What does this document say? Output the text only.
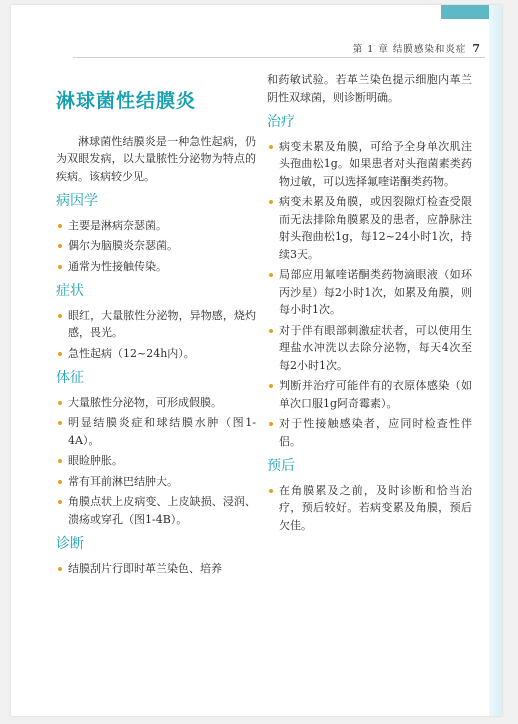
第 1 章 结膜感染和炎症 7
淋球菌性结膜炎

淋球菌性结膜炎是一种急性起病，仍为双眼发病，以大量脓性分泌物为特点的疾病。该病较少见。

病因学
主要是淋病奈瑟菌。
偶尔为脑膜炎奈瑟菌。
通常为性接触传染。
症状
眼红，大量脓性分泌物，异物感，烧灼感，畏光。
急性起病（12~24h内）。
体征
大量脓性分泌物，可形成假膜。
明显结膜炎症和球结膜水肿（图1-4A）。
眼睑肿胀。
常有耳前淋巴结肿大。
角膜点状上皮病变、上皮缺损、浸润、溃疡或穿孔（图1-4B）。
诊断
结膜刮片行即时革兰染色、培养

和药敏试验。若革兰染色提示细胞内革兰阴性双球菌，则诊断明确。

治疗
病变未累及角膜，可给予全身单次肌注头孢曲松1g。如果患者对头孢菌素类药物过敏，可以选择氟喹诺酮类药物。
病变未累及角膜，或因裂隙灯检查受限而无法排除角膜累及的患者，应静脉注射头孢曲松1g，每12~24小时1次，持续3天。
局部应用氟喹诺酮类药物滴眼液（如环丙沙星）每2小时1次，如累及角膜，则每小时1次。
对于伴有眼部刺激症状者，可以使用生理盐水冲洗以去除分泌物，每天4次至每2小时1次。
判断并治疗可能伴有的衣原体感染（如单次口服1g阿奇霉素）。
对于性接触感染者，应同时检查性伴侣。
预后
在角膜累及之前，及时诊断和恰当治疗，预后较好。若病变累及角膜，预后欠佳。
